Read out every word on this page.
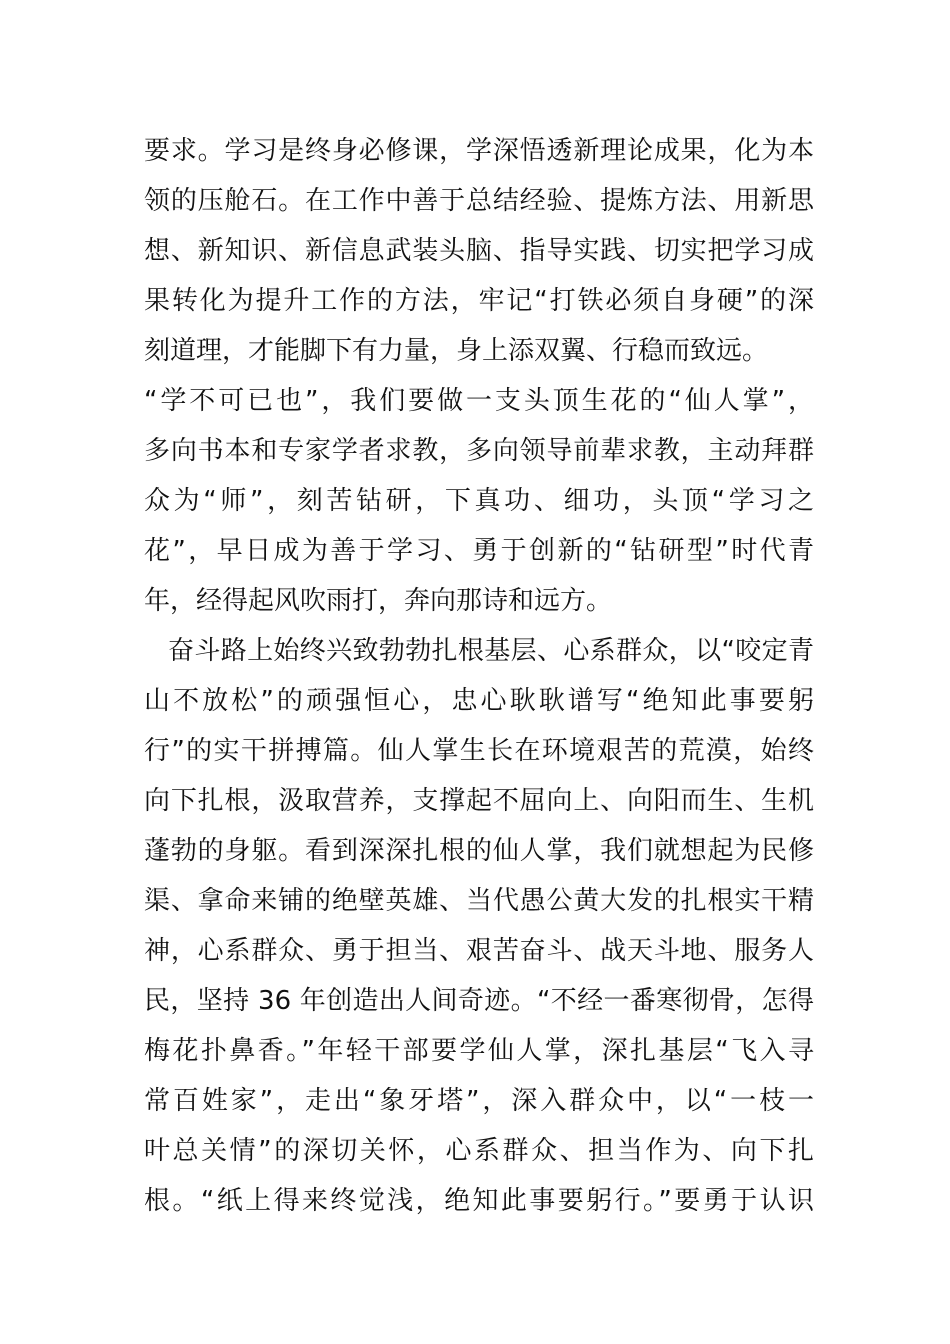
要求。学习是终身必修课，学深悟透新理论成果，化为本
领的压舱石。在工作中善于总结经验、提炼方法、用新思
想、新知识、新信息武装头脑、指导实践、切实把学习成
果转化为提升工作的方法，牢记“打铁必须自身硬”的深
刻道理，才能脚下有力量，身上添双翼、行稳而致远。
“学不可已也”，我们要做一支头顶生花的“仙人掌”，
多向书本和专家学者求教，多向领导前辈求教，主动拜群
众为“师”，刻苦钻研，下真功、细功，头顶“学习之
花”，早日成为善于学习、勇于创新的“钻研型”时代青
年，经得起风吹雨打，奔向那诗和远方。
奋斗路上始终兴致勃勃扎根基层、心系群众，以“咬定青
山不放松”的顽强恒心，忠心耿耿谱写“绝知此事要躬
行”的实干拼搏篇。仙人掌生长在环境艰苦的荒漠，始终
向下扎根，汲取营养，支撑起不屈向上、向阳而生、生机
蓬勃的身躯。看到深深扎根的仙人掌，我们就想起为民修
渠、拿命来铺的绝壁英雄、当代愚公黄大发的扎根实干精
神，心系群众、勇于担当、艰苦奋斗、战天斗地、服务人
民，坚持 36 年创造出人间奇迹。“不经一番寒彻骨，怎得
梅花扑鼻香。”年轻干部要学仙人掌，深扎基层“飞入寻
常百姓家”，走出“象牙塔”，深入群众中，以“一枝一
叶总关情”的深切关怀，心系群众、担当作为、向下扎
根。“纸上得来终觉浅，绝知此事要躬行。”要勇于认识
